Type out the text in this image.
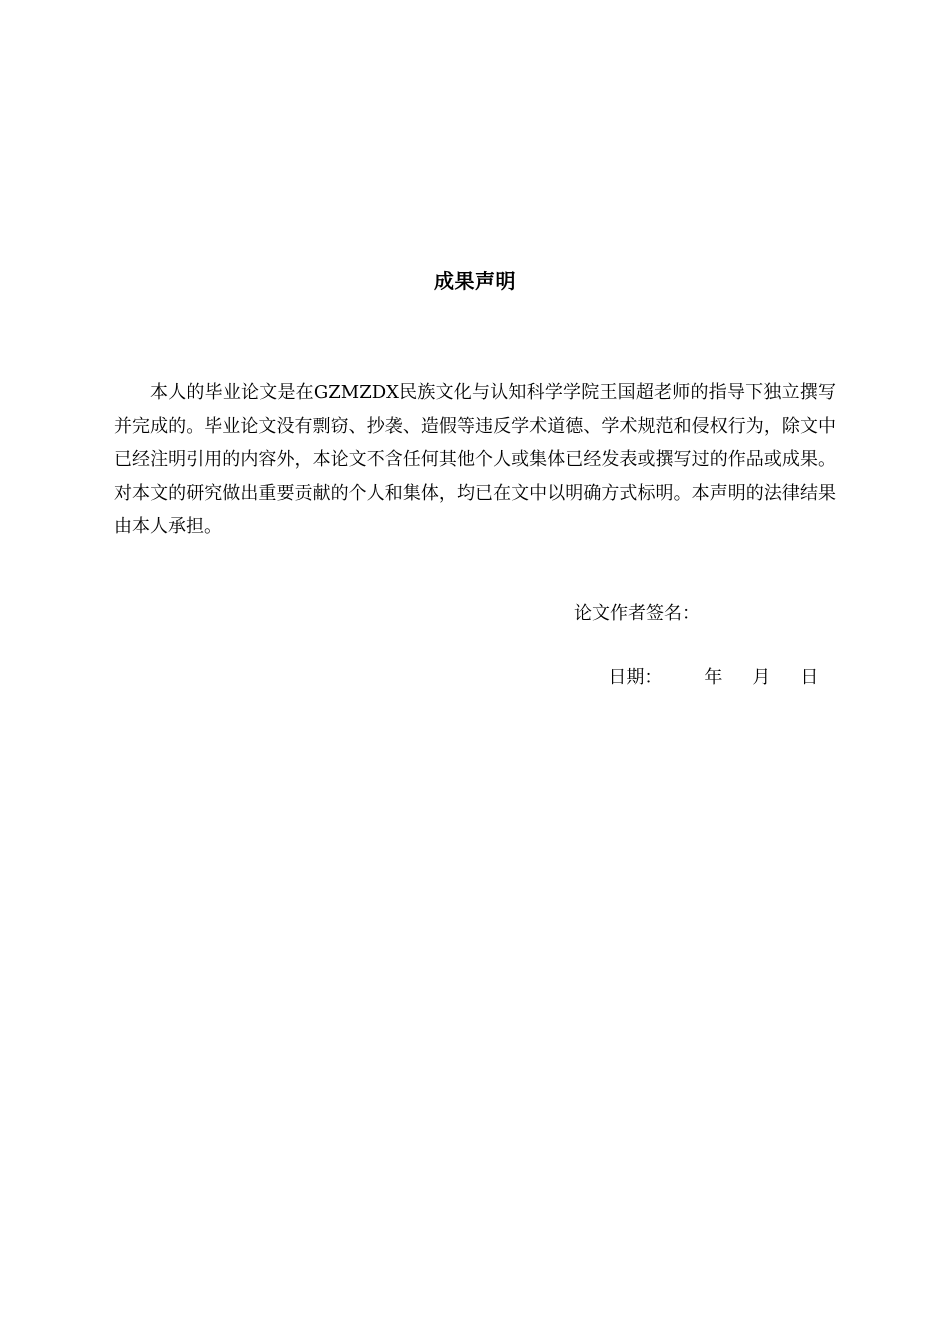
成果声明

本人的毕业论文是在GZMZDX民族文化与认知科学学院王国超老师的指导下独立撰写并完成的。毕业论文没有剽窃、抄袭、造假等违反学术道德、学术规范和侵权行为，除文中已经注明引用的内容外，本论文不含任何其他个人或集体已经发表或撰写过的作品或成果。对本文的研究做出重要贡献的个人和集体，均已在文中以明确方式标明。本声明的法律结果由本人承担。

论文作者签名：

日期： 年 月 日
